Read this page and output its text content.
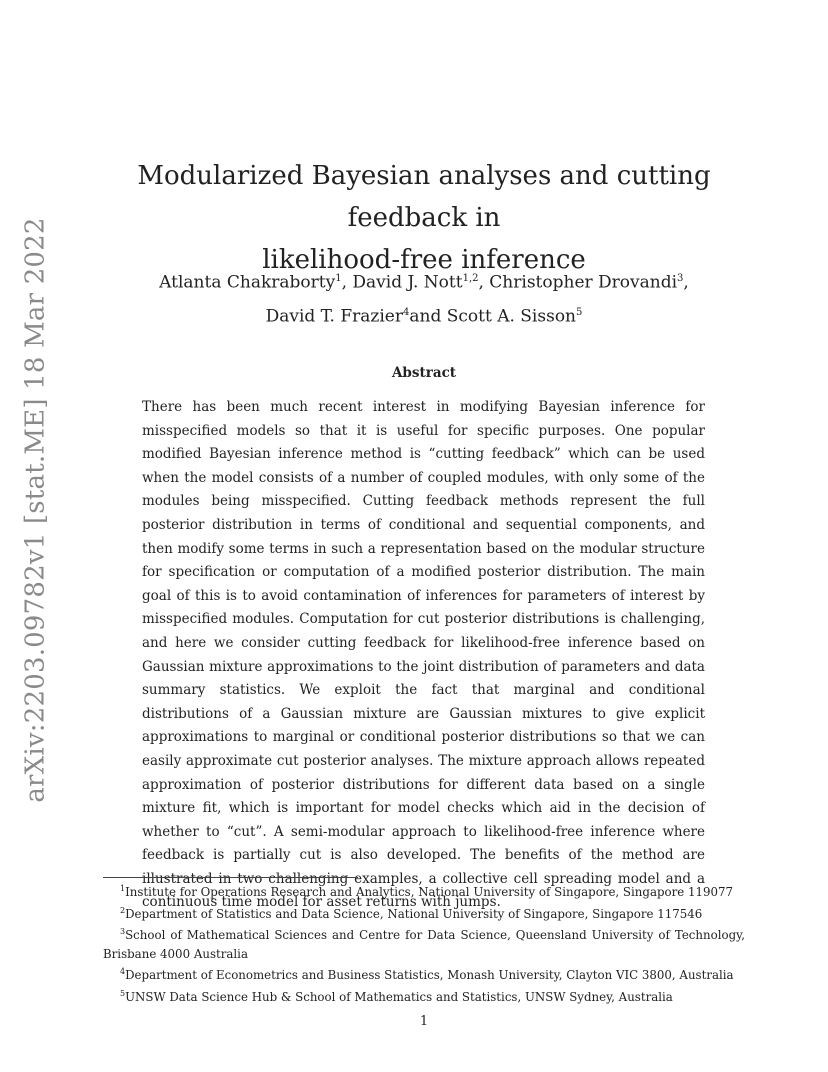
arXiv:2203.09782v1 [stat.ME] 18 Mar 2022
Modularized Bayesian analyses and cutting feedback in
likelihood-free inference
Atlanta Chakraborty$^1$, David J. Nott$^{1,2}$, Christopher Drovandi$^3$,
David T. Frazier$^4$and Scott A. Sisson$^5$
Abstract

There has been much recent interest in modifying Bayesian inference for misspecified models so that it is useful for specific purposes. One popular modified Bayesian inference method is “cutting feedback” which can be used when the model consists of a number of coupled modules, with only some of the modules being misspecified. Cutting feedback methods represent the full posterior distribution in terms of conditional and sequential components, and then modify some terms in such a representation based on the modular structure for specification or computation of a modified posterior distribution. The main goal of this is to avoid contamination of inferences for parameters of interest by misspecified modules. Computation for cut posterior distributions is challenging, and here we consider cutting feedback for likelihood-free inference based on Gaussian mixture approximations to the joint distribution of parameters and data summary statistics. We exploit the fact that marginal and conditional distributions of a Gaussian mixture are Gaussian mixtures to give explicit approximations to marginal or conditional posterior distributions so that we can easily approximate cut posterior analyses. The mixture approach allows repeated approximation of posterior distributions for different data based on a single mixture fit, which is important for model checks which aid in the decision of whether to “cut”. A semi-modular approach to likelihood-free inference where feedback is partially cut is also developed. The benefits of the method are illustrated in two challenging examples, a collective cell spreading model and a continuous time model for asset returns with jumps.

$^1$Institute for Operations Research and Analytics, National University of Singapore, Singapore 119077
$^2$Department of Statistics and Data Science, National University of Singapore, Singapore 117546
$^3$School of Mathematical Sciences and Centre for Data Science, Queensland University of Technology, Brisbane 4000 Australia
$^4$Department of Econometrics and Business Statistics, Monash University, Clayton VIC 3800, Australia
$^5$UNSW Data Science Hub & School of Mathematics and Statistics, UNSW Sydney, Australia
1
